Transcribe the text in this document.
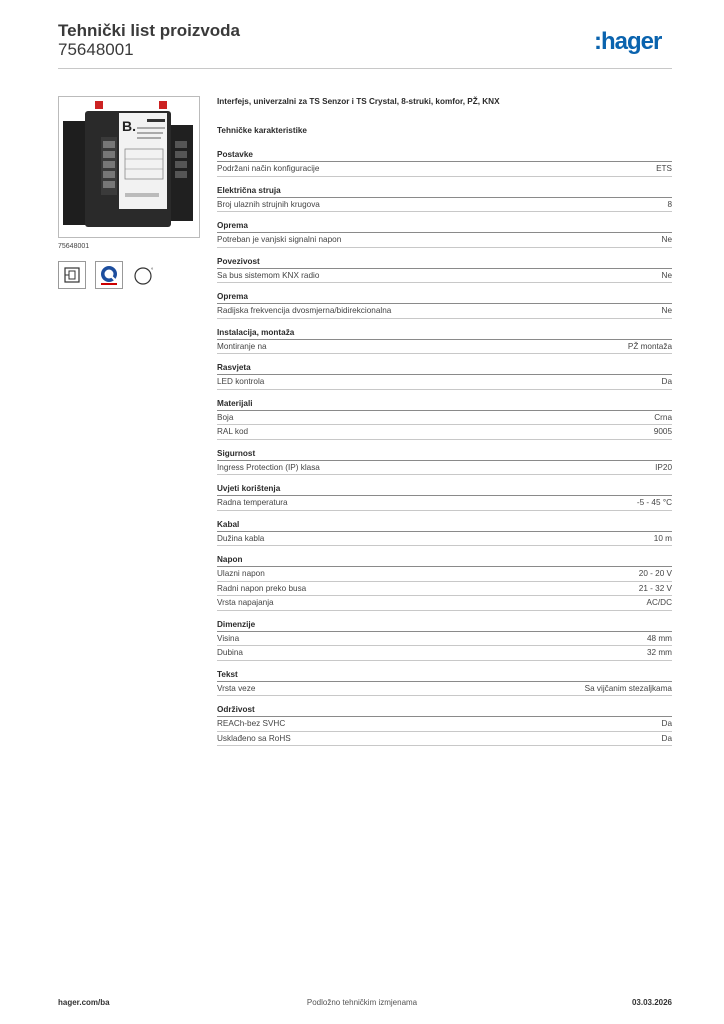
Tehnički list proizvoda
75648001	:hager
B.
75648001
°

Interfejs, univerzalni za TS Senzor i TS Crystal, 8-struki, komfor, PŽ, KNX

Tehničke karakteristike

Postavke
Podržani način konfiguracije	ETS
Električna struja
Broj ulaznih strujnih krugova	8
Oprema
Potreban je vanjski signalni napon	Ne
Povezivost
Sa bus sistemom KNX radio	Ne
Oprema
Radijska frekvencija dvosmjerna/bidirekcionalna	Ne
Instalacija, montaža
Montiranje na	PŽ montaža
Rasvjeta
LED kontrola	Da
Materijali
Boja	Crna
RAL kod	9005
Sigurnost
Ingress Protection (IP) klasa	IP20
Uvjeti korištenja
Radna temperatura	-5 - 45 °C
Kabal
Dužina kabla	10 m
Napon
Ulazni napon	20 - 20 V
Radni napon preko busa	21 - 32 V
Vrsta napajanja	AC/DC
Dimenzije
Visina	48 mm
Dubina	32 mm
Tekst
Vrsta veze	Sa vijčanim stezaljkama
Održivost
REACh-bez SVHC	Da
Usklađeno sa RoHS	Da
hager.com/ba	Podložno tehničkim izmjenama	03.03.2026
